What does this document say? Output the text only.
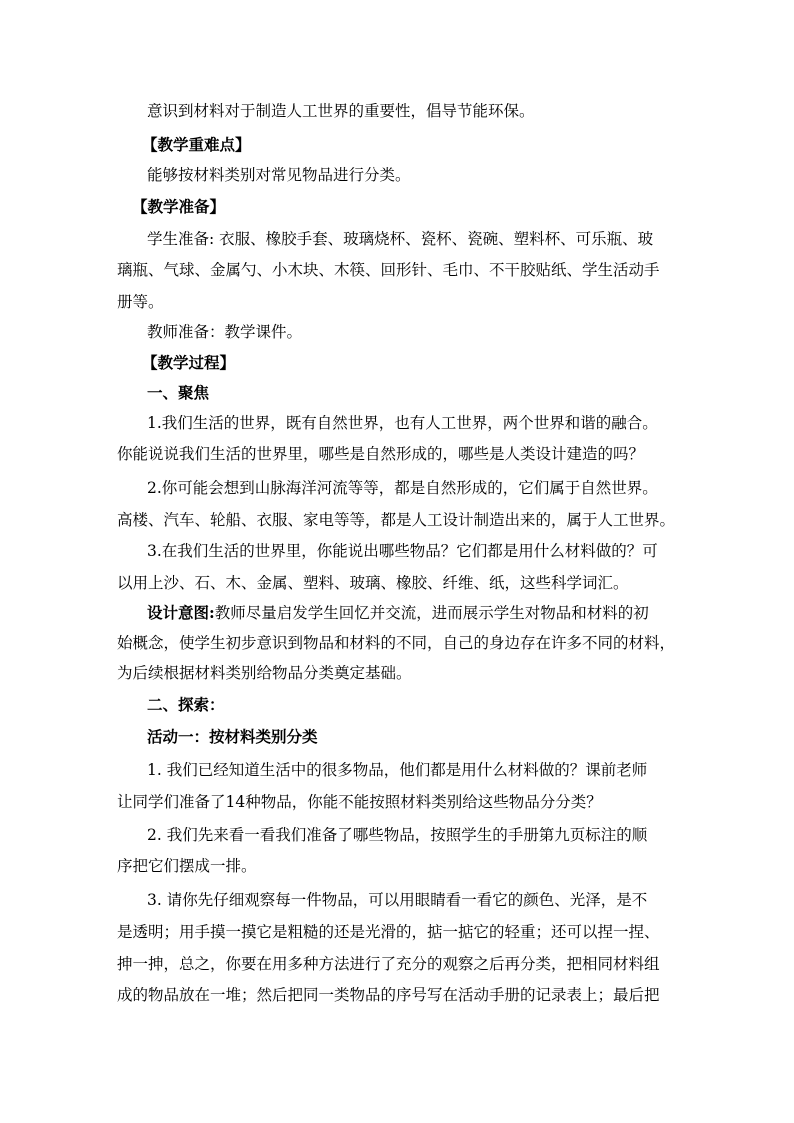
意识到材料对于制造人工世界的重要性，倡导节能环保。
【教学重难点】
能够按材料类别对常见物品进行分类。
【教学准备】
学生准备: 衣服、橡胶手套、玻璃烧杯、瓷杯、瓷碗、塑料杯、可乐瓶、玻
璃瓶、气球、金属勺、小木块、木筷、回形针、毛巾、不干胶贴纸、学生活动手
册等。
教师准备：教学课件。
【教学过程】
一、聚焦
1.我们生活的世界，既有自然世界，也有人工世界，两个世界和谐的融合。
你能说说我们生活的世界里，哪些是自然形成的，哪些是人类设计建造的吗？
2.你可能会想到山脉海洋河流等等，都是自然形成的，它们属于自然世界。
高楼、汽车、轮船、衣服、家电等等，都是人工设计制造出来的，属于人工世界。
3.在我们生活的世界里，你能说出哪些物品？它们都是用什么材料做的？可
以用上沙、石、木、金属、塑料、玻璃、橡胶、纤维、纸，这些科学词汇。
设计意图:教师尽量启发学生回忆并交流，进而展示学生对物品和材料的初
始概念，使学生初步意识到物品和材料的不同，自己的身边存在许多不同的材料，
为后续根据材料类别给物品分类奠定基础。
二、探索：
活动一：按材料类别分类
1. 我们已经知道生活中的很多物品，他们都是用什么材料做的？课前老师
让同学们准备了14种物品，你能不能按照材料类别给这些物品分分类？
2. 我们先来看一看我们准备了哪些物品，按照学生的手册第九页标注的顺
序把它们摆成一排。
3. 请你先仔细观察每一件物品，可以用眼睛看一看它的颜色、光泽，是不
是透明；用手摸一摸它是粗糙的还是光滑的，掂一掂它的轻重；还可以捏一捏、
抻一抻，总之，你要在用多种方法进行了充分的观察之后再分类，把相同材料组
成的物品放在一堆；然后把同一类物品的序号写在活动手册的记录表上；最后把
